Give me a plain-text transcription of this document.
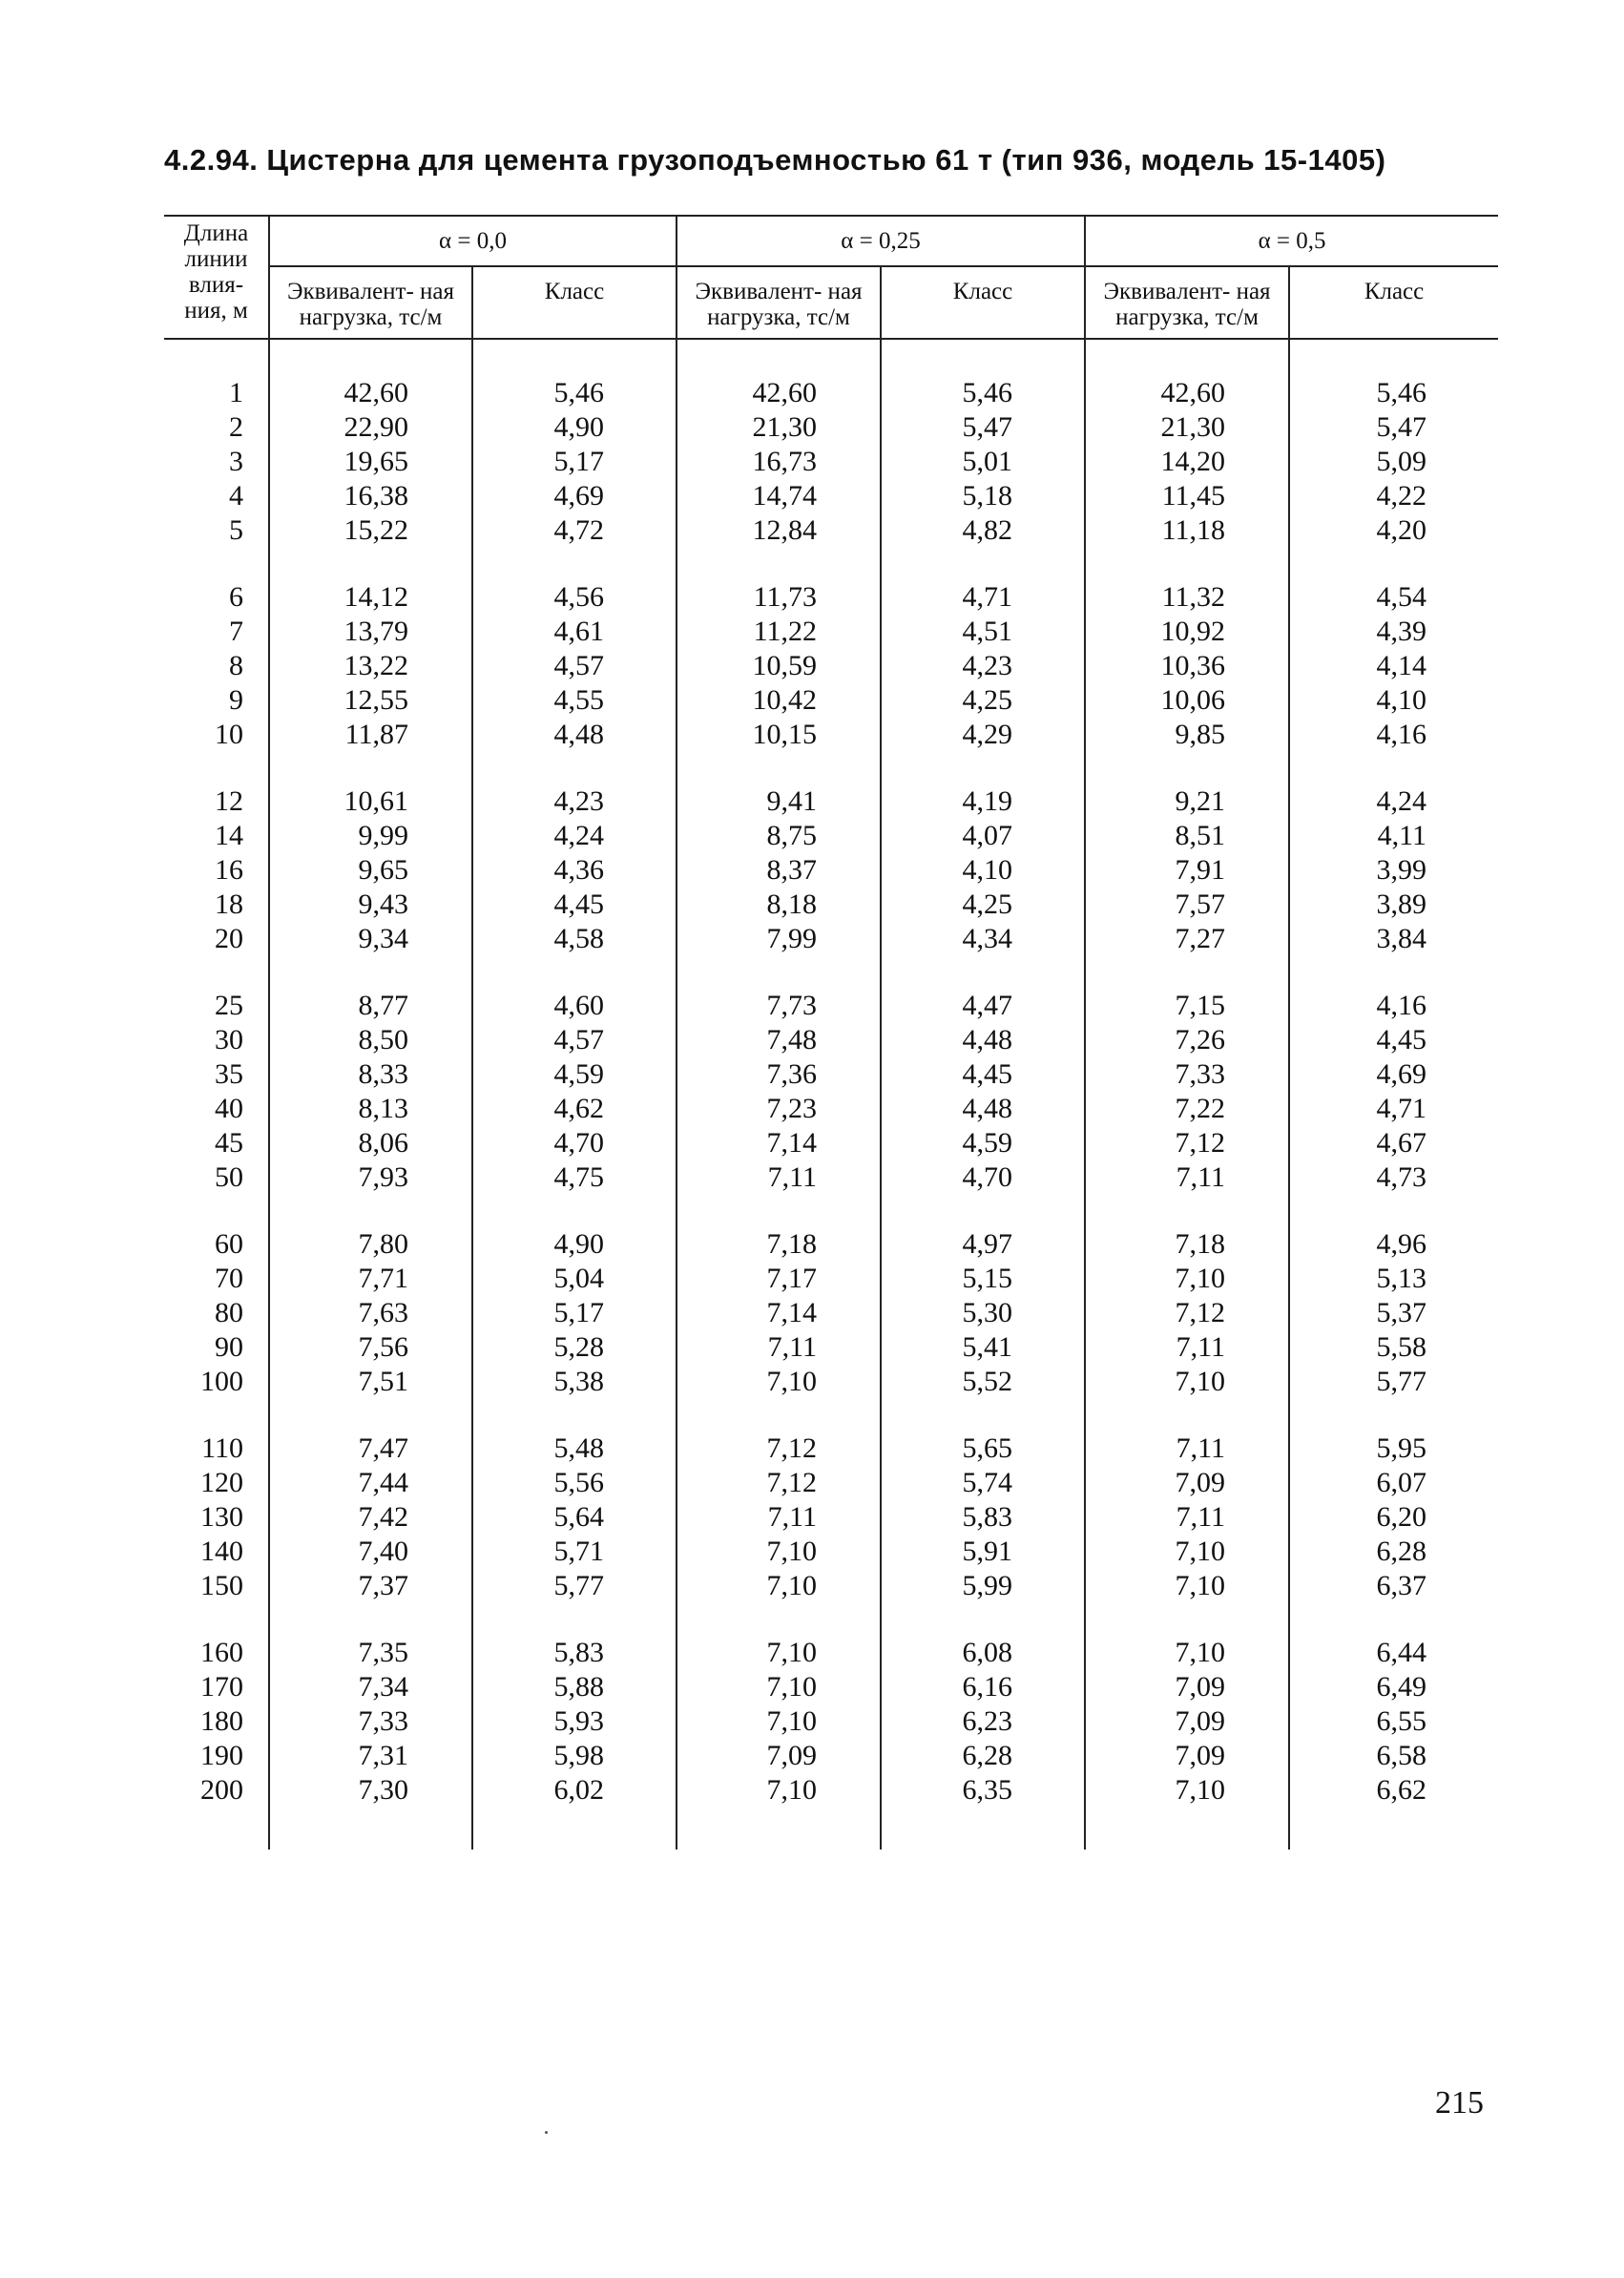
4.2.94. Цистерна для цемента грузоподъемностью 61 т (тип 936, модель 15-1405)
Длина линии влия- ния, м	α = 0,0		α = 0,25		α = 0,5	
	Эквивалент- ная нагрузка, тс/м	Класс	Эквивалент- ная нагрузка, тс/м	Класс	Эквивалент- ная нагрузка, тс/м	Класс

1	42,60	5,46	42,60	5,46	42,60	5,46
2	22,90	4,90	21,30	5,47	21,30	5,47
3	19,65	5,17	16,73	5,01	14,20	5,09
4	16,38	4,69	14,74	5,18	11,45	4,22
5	15,22	4,72	12,84	4,82	11,18	4,20

6	14,12	4,56	11,73	4,71	11,32	4,54
7	13,79	4,61	11,22	4,51	10,92	4,39
8	13,22	4,57	10,59	4,23	10,36	4,14
9	12,55	4,55	10,42	4,25	10,06	4,10
10	11,87	4,48	10,15	4,29	9,85	4,16

12	10,61	4,23	9,41	4,19	9,21	4,24
14	9,99	4,24	8,75	4,07	8,51	4,11
16	9,65	4,36	8,37	4,10	7,91	3,99
18	9,43	4,45	8,18	4,25	7,57	3,89
20	9,34	4,58	7,99	4,34	7,27	3,84

25	8,77	4,60	7,73	4,47	7,15	4,16
30	8,50	4,57	7,48	4,48	7,26	4,45
35	8,33	4,59	7,36	4,45	7,33	4,69
40	8,13	4,62	7,23	4,48	7,22	4,71
45	8,06	4,70	7,14	4,59	7,12	4,67
50	7,93	4,75	7,11	4,70	7,11	4,73

60	7,80	4,90	7,18	4,97	7,18	4,96
70	7,71	5,04	7,17	5,15	7,10	5,13
80	7,63	5,17	7,14	5,30	7,12	5,37
90	7,56	5,28	7,11	5,41	7,11	5,58
100	7,51	5,38	7,10	5,52	7,10	5,77

110	7,47	5,48	7,12	5,65	7,11	5,95
120	7,44	5,56	7,12	5,74	7,09	6,07
130	7,42	5,64	7,11	5,83	7,11	6,20
140	7,40	5,71	7,10	5,91	7,10	6,28
150	7,37	5,77	7,10	5,99	7,10	6,37

160	7,35	5,83	7,10	6,08	7,10	6,44
170	7,34	5,88	7,10	6,16	7,09	6,49
180	7,33	5,93	7,10	6,23	7,09	6,55
190	7,31	5,98	7,09	6,28	7,09	6,58
200	7,30	6,02	7,10	6,35	7,10	6,62

215
